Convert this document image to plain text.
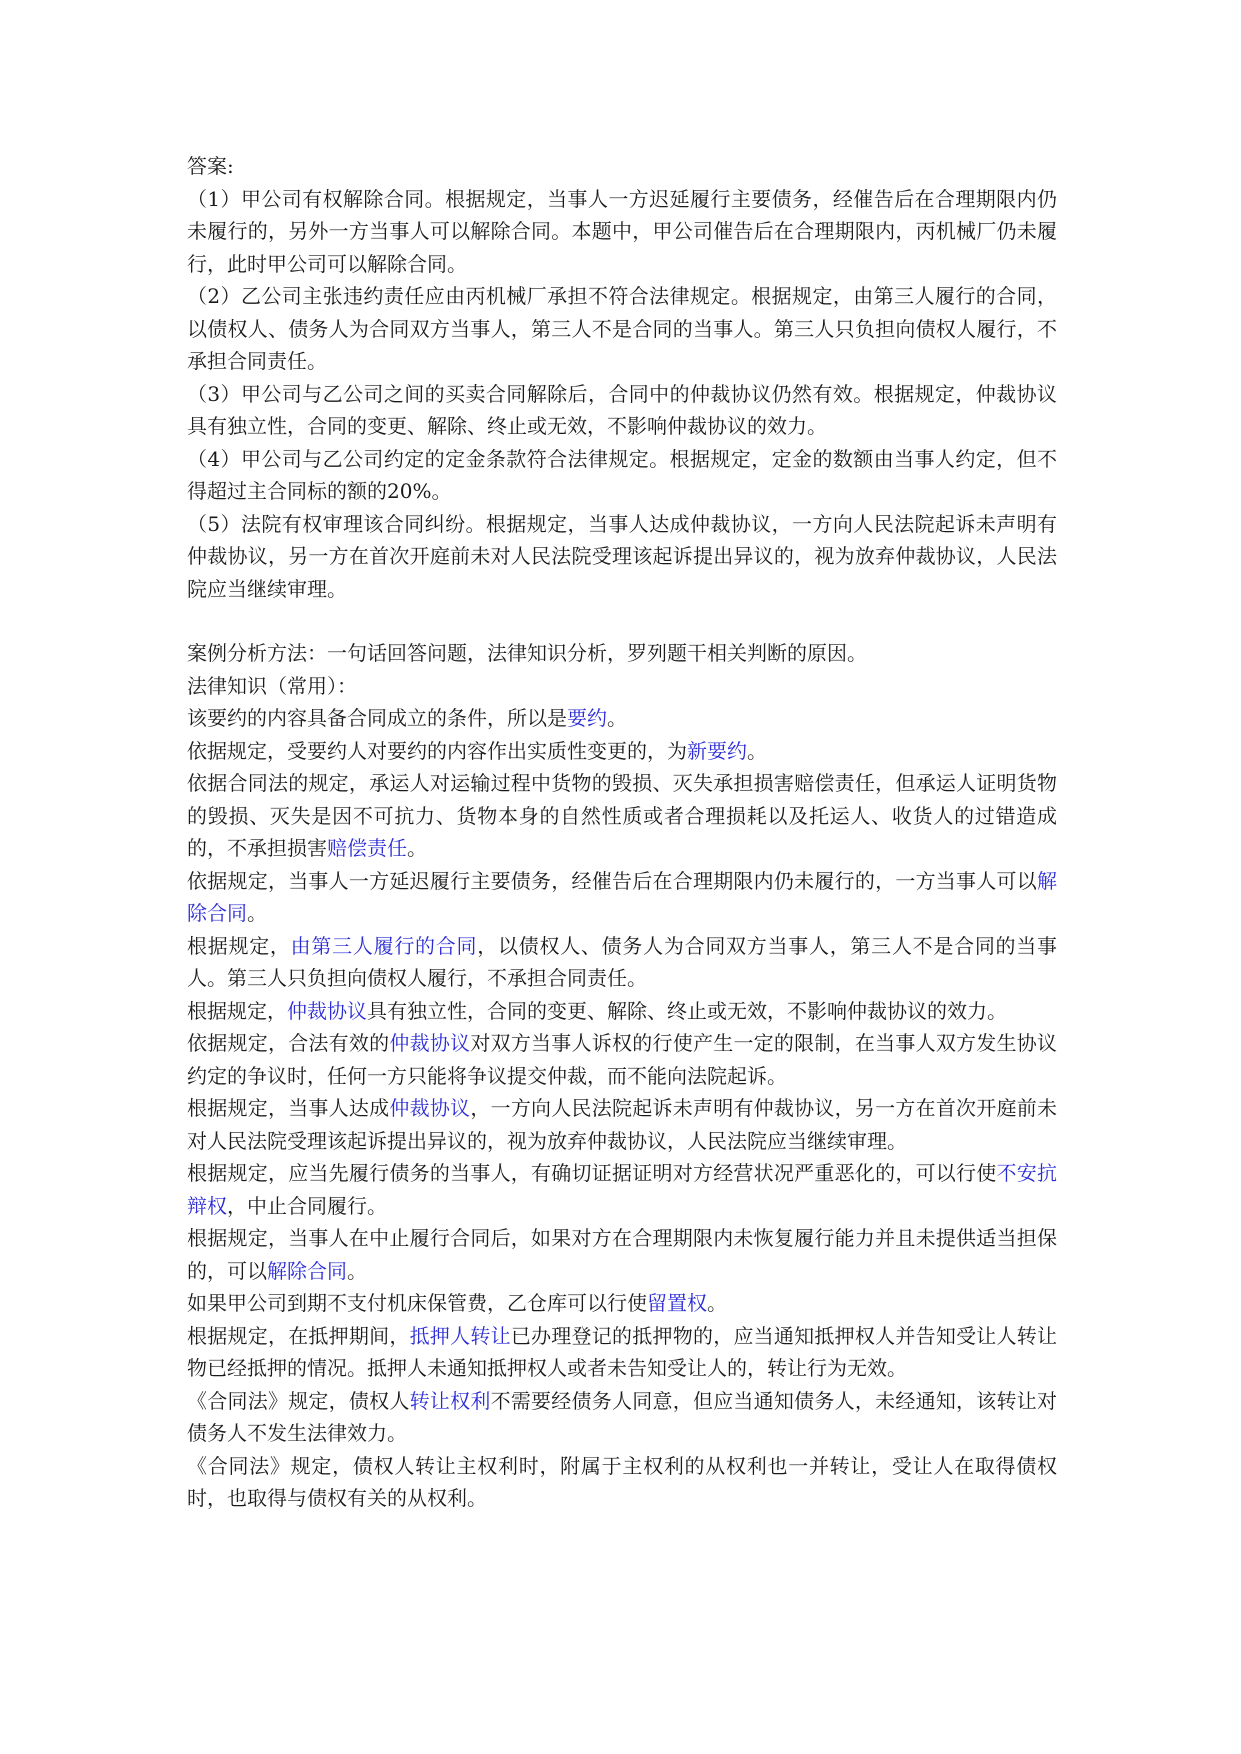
答案:

（1）甲公司有权解除合同。根据规定，当事人一方迟延履行主要债务，经催告后在合理期限内仍未履行的，另外一方当事人可以解除合同。本题中，甲公司催告后在合理期限内，丙机械厂仍未履行，此时甲公司可以解除合同。

（2）乙公司主张违约责任应由丙机械厂承担不符合法律规定。根据规定，由第三人履行的合同，以债权人、债务人为合同双方当事人，第三人不是合同的当事人。第三人只负担向债权人履行，不承担合同责任。

（3）甲公司与乙公司之间的买卖合同解除后，合同中的仲裁协议仍然有效。根据规定，仲裁协议具有独立性，合同的变更、解除、终止或无效，不影响仲裁协议的效力。

（4）甲公司与乙公司约定的定金条款符合法律规定。根据规定，定金的数额由当事人约定，但不得超过主合同标的额的20%。

（5）法院有权审理该合同纠纷。根据规定，当事人达成仲裁协议，一方向人民法院起诉未声明有仲裁协议，另一方在首次开庭前未对人民法院受理该起诉提出异议的，视为放弃仲裁协议，人民法院应当继续审理。

案例分析方法：一句话回答问题，法律知识分析，罗列题干相关判断的原因。

法律知识（常用）：

该要约的内容具备合同成立的条件，所以是要约。

依据规定，受要约人对要约的内容作出实质性变更的，为新要约。

依据合同法的规定，承运人对运输过程中货物的毁损、灭失承担损害赔偿责任，但承运人证明货物的毁损、灭失是因不可抗力、货物本身的自然性质或者合理损耗以及托运人、收货人的过错造成的，不承担损害赔偿责任。

依据规定，当事人一方延迟履行主要债务，经催告后在合理期限内仍未履行的，一方当事人可以解除合同。

根据规定，由第三人履行的合同，以债权人、债务人为合同双方当事人，第三人不是合同的当事人。第三人只负担向债权人履行，不承担合同责任。

根据规定，仲裁协议具有独立性，合同的变更、解除、终止或无效，不影响仲裁协议的效力。

依据规定，合法有效的仲裁协议对双方当事人诉权的行使产生一定的限制，在当事人双方发生协议约定的争议时，任何一方只能将争议提交仲裁，而不能向法院起诉。

根据规定，当事人达成仲裁协议，一方向人民法院起诉未声明有仲裁协议，另一方在首次开庭前未对人民法院受理该起诉提出异议的，视为放弃仲裁协议，人民法院应当继续审理。

根据规定，应当先履行债务的当事人，有确切证据证明对方经营状况严重恶化的，可以行使不安抗辩权，中止合同履行。

根据规定，当事人在中止履行合同后，如果对方在合理期限内未恢复履行能力并且未提供适当担保的，可以解除合同。

如果甲公司到期不支付机床保管费，乙仓库可以行使留置权。

根据规定，在抵押期间，抵押人转让已办理登记的抵押物的，应当通知抵押权人并告知受让人转让物已经抵押的情况。抵押人未通知抵押权人或者未告知受让人的，转让行为无效。

《合同法》规定，债权人转让权利不需要经债务人同意，但应当通知债务人，未经通知，该转让对债务人不发生法律效力。

《合同法》规定，债权人转让主权利时，附属于主权利的从权利也一并转让，受让人在取得债权时，也取得与债权有关的从权利。
